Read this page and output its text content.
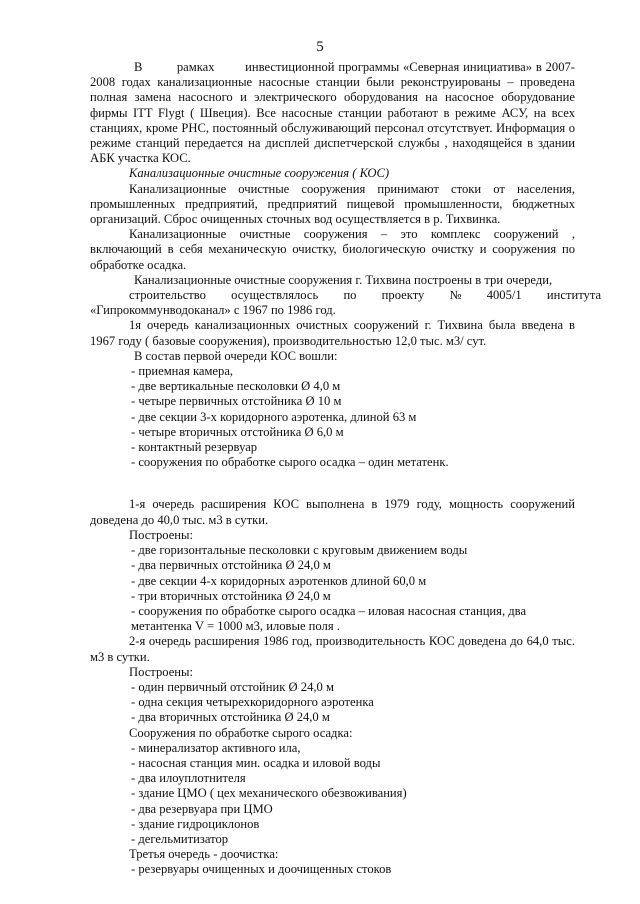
5

В         рамках        инвестиционной программы «Северная инициатива» в 2007-

2008 годах канализационные насосные станции были реконструированы – проведена полная замена насосного и электрического оборудования на насосное оборудование фирмы ITT Flygt ( Швеция). Все насосные станции работают в режиме АСУ, на всех станциях, кроме РНС, постоянный обслуживающий персонал отсутствует. Информация о режиме станций передается на дисплей диспетчерской службы , находящейся в здании АБК участка КОС.

Канализационные очистные сооружения ( КОС)

Канализационные очистные сооружения принимают стоки от населения, промышленных предприятий, предприятий пищевой промышленности, бюджетных организаций. Сброс очищенных сточных вод осуществляется в р. Тихвинка.

Канализационные очистные сооружения – это комплекс сооружений , включающий в себя механическую очистку, биологическую очистку и сооружения по обработке осадка.

Канализационные очистные сооружения г. Тихвина построены в три очереди,

строительство        осуществлялось        по        проекту        №        4005/1        института

«Гипрокоммунводоканал» с 1967 по 1986 год.

1я очередь канализационных очистных сооружений г. Тихвина была введена в 1967 году ( базовые сооружения), производительностью 12,0 тыс. м3/ сут.

В состав первой очереди КОС вошли:

- приемная камера,

- две вертикальные песколовки Ø 4,0 м

- четыре первичных отстойника Ø 10 м

- две секции 3-х коридорного аэротенка, длиной 63 м

- четыре вторичных отстойника Ø 6,0 м

- контактный резервуар

- сооружения по обработке сырого осадка – один метатенк.

1-я очередь расширения КОС выполнена в 1979 году, мощность сооружений доведена до 40,0 тыс. м3 в сутки.

Построены:

- две горизонтальные песколовки с круговым движением воды

- два первичных отстойника Ø 24,0 м

- две секции 4-х коридорных аэротенков длиной 60,0 м

- три вторичных отстойника Ø 24,0 м

- сооружения по обработке сырого осадка – иловая насосная станция, два метантенка V = 1000 м3, иловые поля .

2-я очередь расширения 1986 год, производительность КОС доведена до 64,0 тыс. м3 в сутки.

Построены:

- один первичный отстойник Ø 24,0 м

- одна секция четырехкоридорного аэротенка

- два вторичных отстойника Ø 24,0 м

Сооружения по обработке сырого осадка:

- минерализатор активного ила,

- насосная станция мин. осадка и иловой воды

- два илоуплотнителя

- здание ЦМО ( цех механического обезвоживания)

- два резервуара при ЦМО

- здание гидроциклонов

- дегельмитизатор

Третья очередь - доочистка:

- резервуары очищенных и доочищенных стоков
